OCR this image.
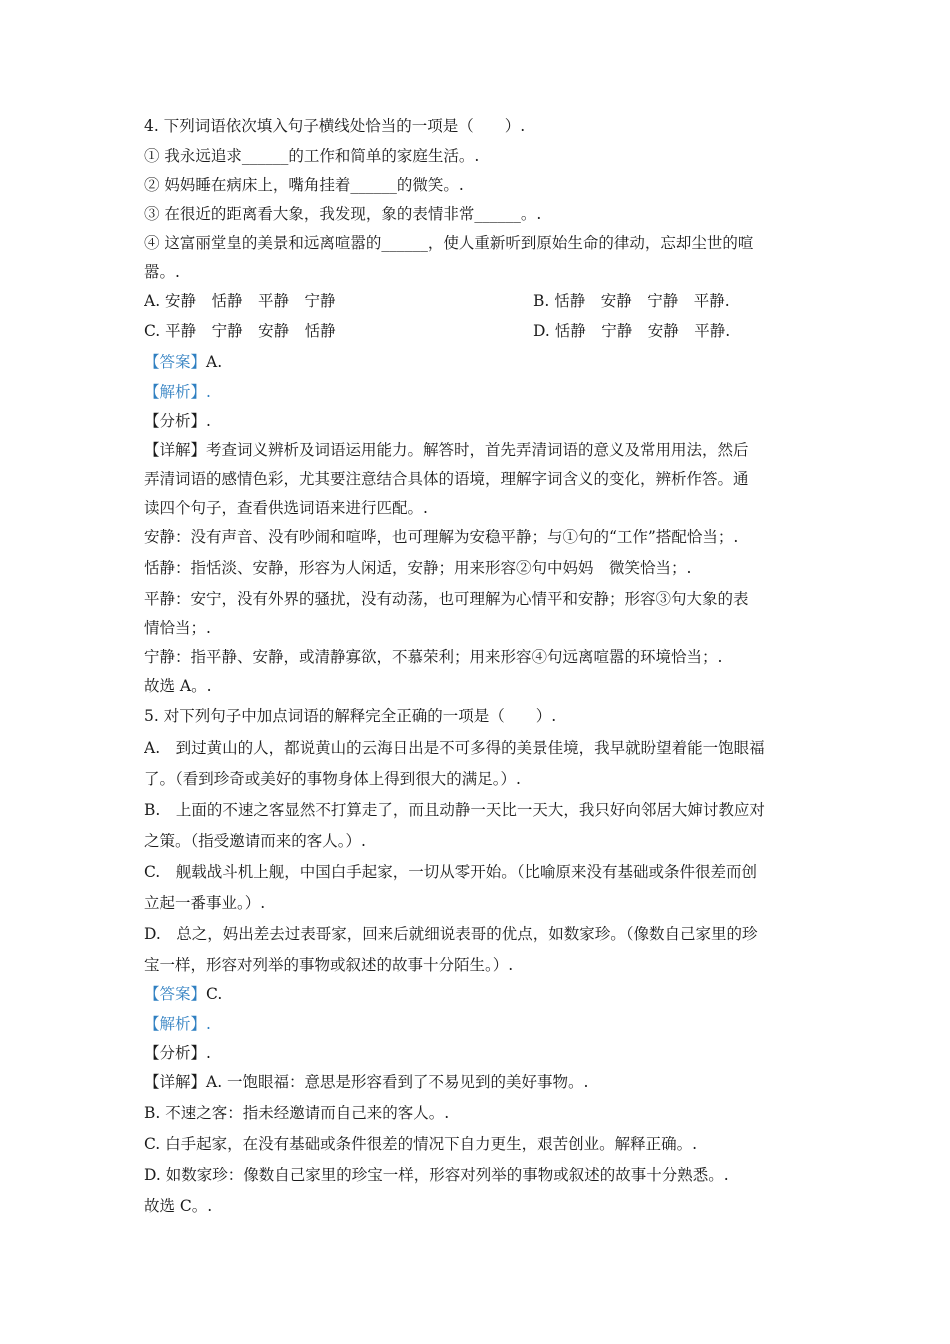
4. 下列词语依次填入句子横线处恰当的一项是（　　）.
① 我永远追求______的工作和简单的家庭生活。.
② 妈妈睡在病床上，嘴角挂着______的微笑。.
③ 在很近的距离看大象，我发现，象的表情非常______。.
④ 这富丽堂皇的美景和远离喧嚣的______，使人重新听到原始生命的律动，忘却尘世的喧
嚣。.
A. 安静　恬静　平静　宁静	B. 恬静　安静　宁静　平静.
C. 平静　宁静　安静　恬静	D. 恬静　宁静　安静　平静.
【答案】A.
【解析】.
【分析】.
【详解】考查词义辨析及词语运用能力。解答时，首先弄清词语的意义及常用用法，然后
弄清词语的感情色彩，尤其要注意结合具体的语境，理解字词含义的变化，辨析作答。通
读四个句子，查看供选词语来进行匹配。.
安静：没有声音、没有吵闹和喧哗，也可理解为安稳平静；与①句的“工作”搭配恰当；.
恬静：指恬淡、安静，形容为人闲适，安静；用来形容②句中妈妈　微笑恰当；.
平静：安宁，没有外界的骚扰，没有动荡，也可理解为心情平和安静；形容③句大象的表
情恰当；.
宁静：指平静、安静，或清静寡欲，不慕荣利；用来形容④句远离喧嚣的环境恰当；.
故选 A。.
5. 对下列句子中加点词语的解释完全正确的一项是（　　）.
A.　到过黄山的人，都说黄山的云海日出是不可多得的美景佳境，我早就盼望着能一饱眼福
了。（看到珍奇或美好的事物身体上得到很大的满足。）.
B.　上面的不速之客显然不打算走了，而且动静一天比一天大，我只好向邻居大婶讨教应对
之策。（指受邀请而来的客人。）.
C.　舰载战斗机上舰，中国白手起家，一切从零开始。（比喻原来没有基础或条件很差而创
立起一番事业。）.
D.　总之，妈出差去过表哥家，回来后就细说表哥的优点，如数家珍。（像数自己家里的珍
宝一样，形容对列举的事物或叙述的故事十分陌生。）.
【答案】C.
【解析】.
【分析】.
【详解】A. 一饱眼福：意思是形容看到了不易见到的美好事物。.
B. 不速之客：指未经邀请而自己来的客人。.
C. 白手起家，在没有基础或条件很差的情况下自力更生，艰苦创业。解释正确。.
D. 如数家珍：像数自己家里的珍宝一样，形容对列举的事物或叙述的故事十分熟悉。.
故选 C。.
